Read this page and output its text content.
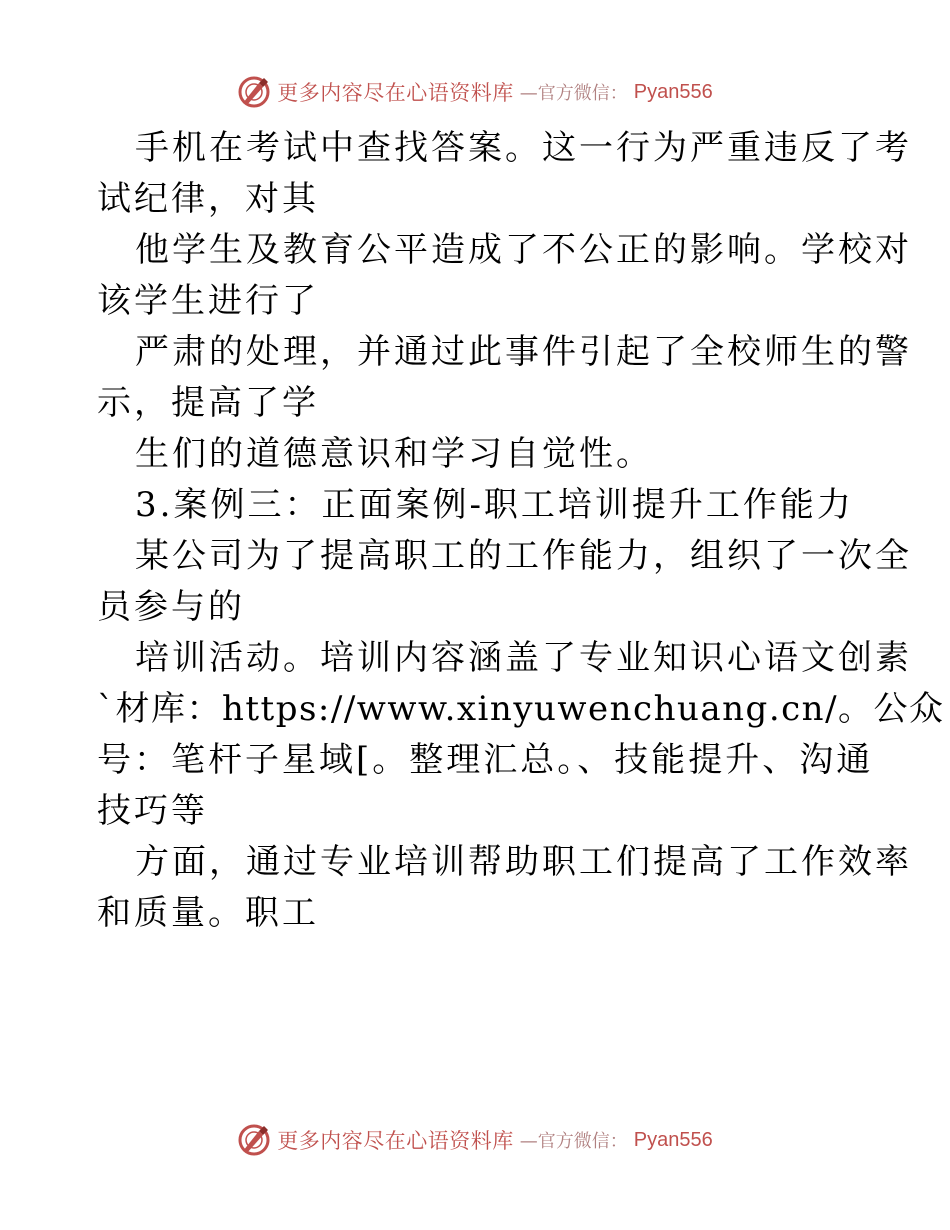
更多内容尽在心语资料库 —官方微信： Pyan556
手机在考试中查找答案。这一行为严重违反了考
试纪律，对其
他学生及教育公平造成了不公正的影响。学校对
该学生进行了
严肃的处理，并通过此事件引起了全校师生的警
示，提高了学
生们的道德意识和学习自觉性。
3.案例三：正面案例-职工培训提升工作能力
某公司为了提高职工的工作能力，组织了一次全
员参与的
培训活动。培训内容涵盖了专业知识心语文创素
`材库：https://www.xinyuwenchuang.cn/。公众
号：笔杆子星域[。整理汇总。、技能提升、沟通
技巧等
方面，通过专业培训帮助职工们提高了工作效率
和质量。职工
更多内容尽在心语资料库 —官方微信： Pyan556
